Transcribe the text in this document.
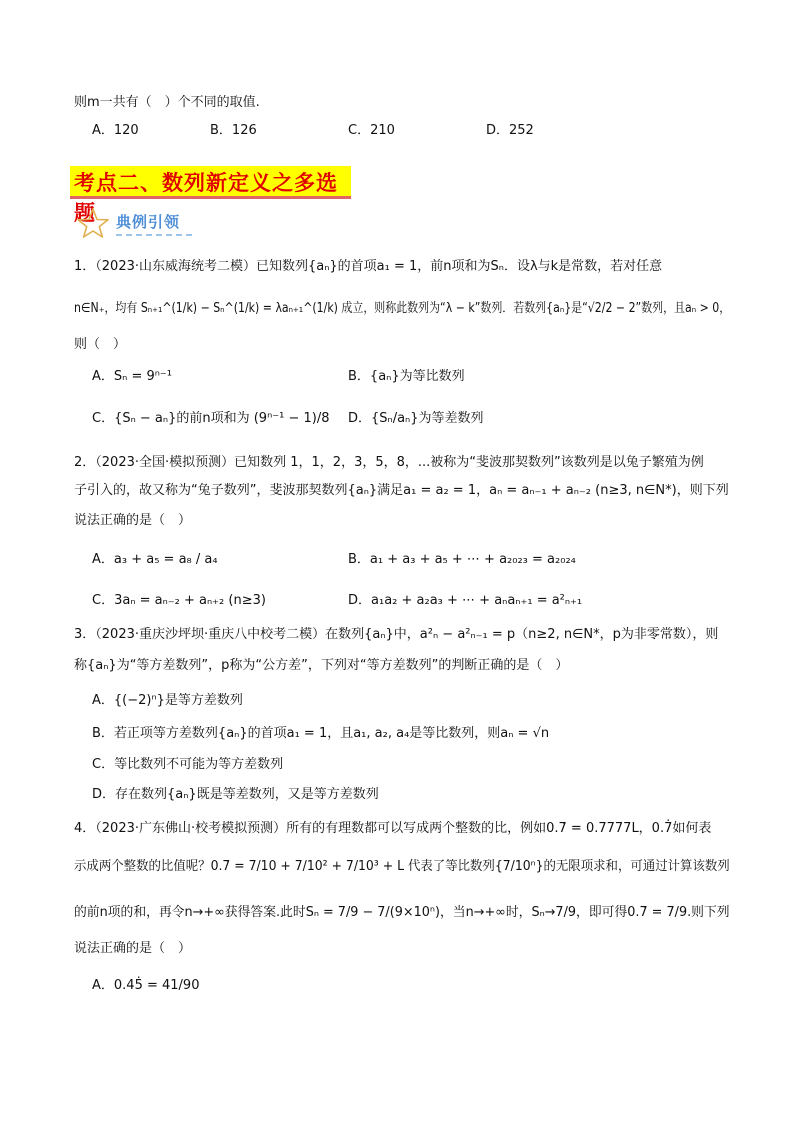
则m一共有（　）个不同的取值.
A．120	B．126	C．210	D．252
考点二、数列新定义之多选题	典例引领
1．（2023·山东威海统考二模）已知数列{aₙ}的首项a₁ = 1，前n项和为Sₙ．设λ与k是常数，若对任意
n∈N₊，均有 Sₙ₊₁^(1/k) − Sₙ^(1/k) = λaₙ₊₁^(1/k) 成立，则称此数列为“λ − k”数列．若数列{aₙ}是“√2/2 − 2”数列，且aₙ > 0，
则（　）
A．Sₙ = 9ⁿ⁻¹	B．{aₙ}为等比数列
C．{Sₙ − aₙ}的前n项和为 (9ⁿ⁻¹ − 1)/8 D．{Sₙ/aₙ}为等差数列
2．（2023·全国·模拟预测）已知数列 1，1，2，3，5，8，...被称为“斐波那契数列”该数列是以兔子繁殖为例
子引入的，故又称为“兔子数列”，斐波那契数列{aₙ}满足a₁ = a₂ = 1，aₙ = aₙ₋₁ + aₙ₋₂ (n≥3, n∈N*)，则下列
说法正确的是（　）
A．a₃ + a₅ = a₈ / a₄	B．a₁ + a₃ + a₅ + ⋯ + a₂₀₂₃ = a₂₀₂₄
C．3aₙ = aₙ₋₂ + aₙ₊₂ (n≥3)	D．a₁a₂ + a₂a₃ + ⋯ + aₙaₙ₊₁ = a²ₙ₊₁
3．（2023·重庆沙坪坝·重庆八中校考二模）在数列{aₙ}中，a²ₙ − a²ₙ₋₁ = p（n≥2, n∈N*，p为非零常数），则
称{aₙ}为“等方差数列”，p称为“公方差”，下列对“等方差数列”的判断正确的是（　）
A．{(−2)ⁿ}是等方差数列
B．若正项等方差数列{aₙ}的首项a₁ = 1，且a₁, a₂, a₄是等比数列，则aₙ = √n
C．等比数列不可能为等方差数列
D．存在数列{aₙ}既是等差数列，又是等方差数列
4．（2023·广东佛山·校考模拟预测）所有的有理数都可以写成两个整数的比，例如0.7̇ = 0.7777L，0.7̇如何表
示成两个整数的比值呢？0.7̇ = 7/10 + 7/10² + 7/10³ + L 代表了等比数列{7/10ⁿ}的无限项求和，可通过计算该数列
的前n项的和，再令n→+∞获得答案.此时Sₙ = 7/9 − 7/(9×10ⁿ)，当n→+∞时，Sₙ→7/9，即可得0.7̇ = 7/9.则下列
说法正确的是（　）
A．0.45̇ = 41/90
